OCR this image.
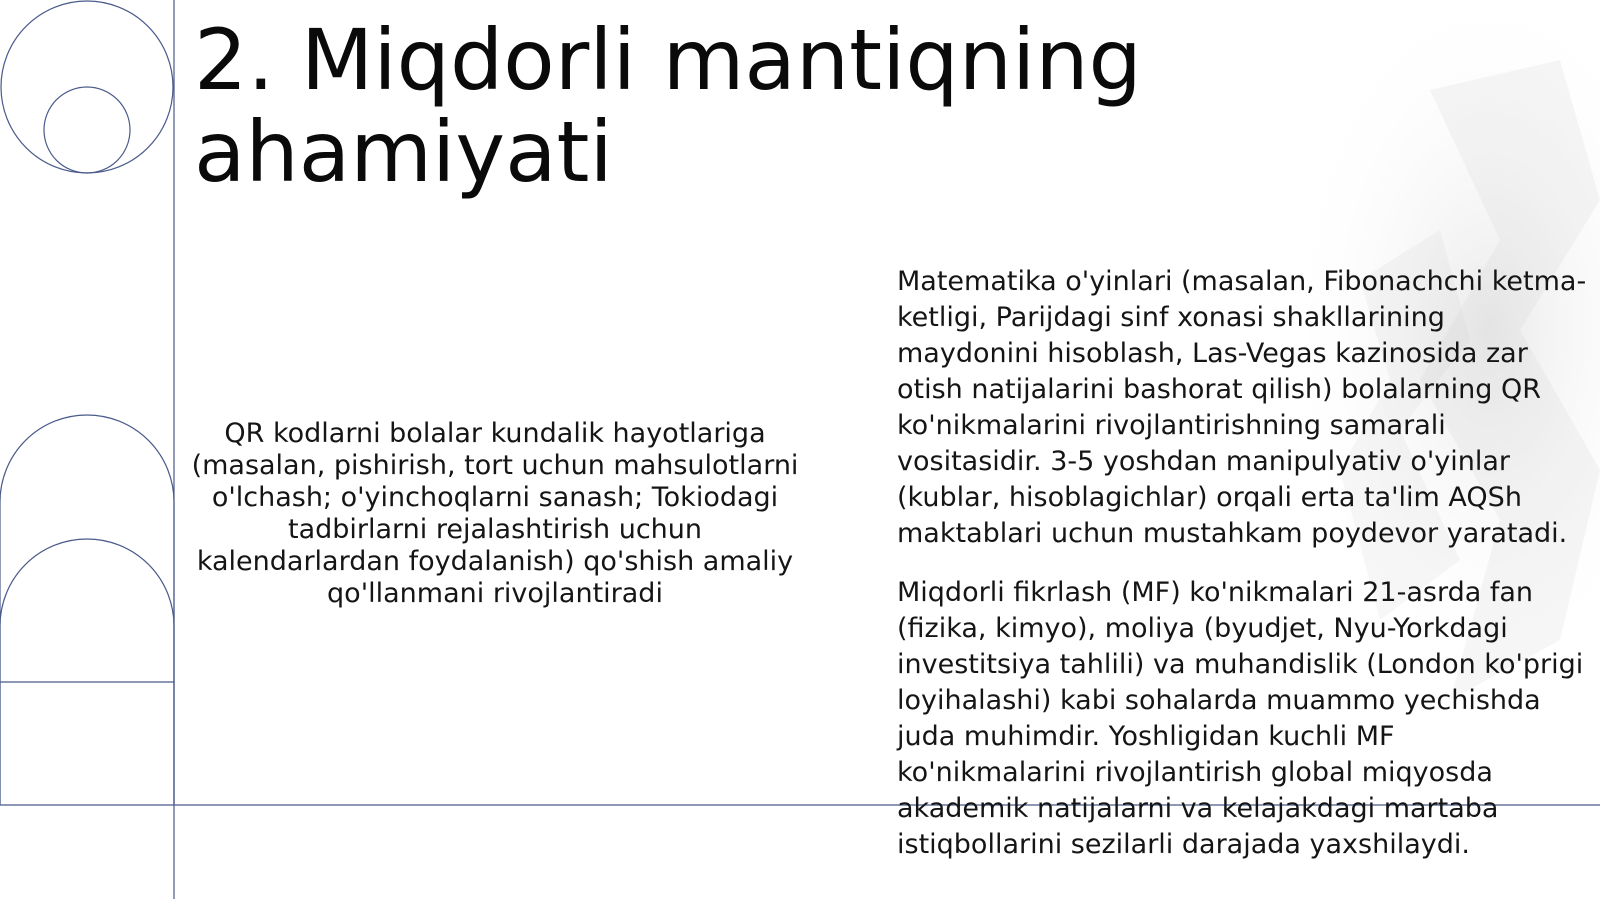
2. Miqdorli mantiqning ahamiyati

QR kodlarni bolalar kundalik hayotlariga (masalan, pishirish, tort uchun mahsulotlarni o'lchash; o'yinchoqlarni sanash; Tokiodagi tadbirlarni rejalashtirish uchun kalendarlardan foydalanish) qo'shish amaliy qo'llanmani rivojlantiradi

Matematika o'yinlari (masalan, Fibonachchi ketma-ketligi, Parijdagi sinf xonasi shakllarining maydonini hisoblash, Las-Vegas kazinosida zar otish natijalarini bashorat qilish) bolalarning QR ko'nikmalarini rivojlantirishning samarali vositasidir. 3-5 yoshdan manipulyativ o'yinlar (kublar, hisoblagichlar) orqali erta ta'lim AQSh maktablari uchun mustahkam poydevor yaratadi.

Miqdorli fikrlash (MF) ko'nikmalari 21-asrda fan (fizika, kimyo), moliya (byudjet, Nyu-Yorkdagi investitsiya tahlili) va muhandislik (London ko'prigi loyihalashi) kabi sohalarda muammo yechishda juda muhimdir. Yoshligidan kuchli MF ko'nikmalarini rivojlantirish global miqyosda akademik natijalarni va kelajakdagi martaba istiqbollarini sezilarli darajada yaxshilaydi.
